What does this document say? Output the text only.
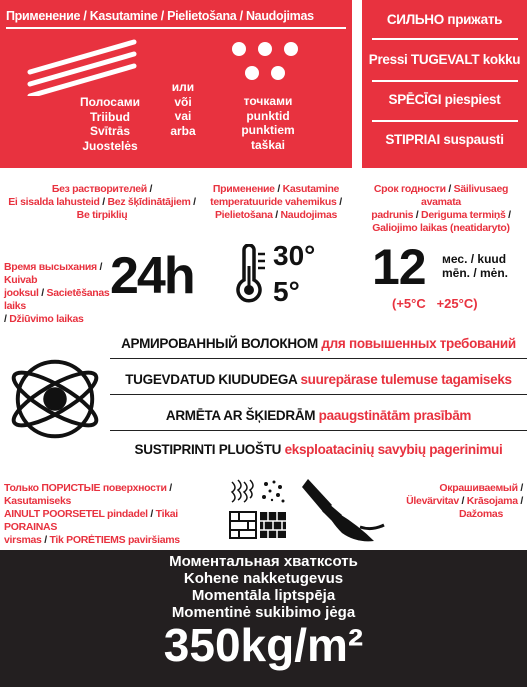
Применение / Kasutamine / Pielietošana / Naudojimas
Полосами
Triibud
Svītrās
Juostelės
или
või
vai
arba
точками
punktid
punktiem
taškai
СИЛЬНО прижать
Pressi TUGEVALT kokku
SPĒCĪGI piespiest
STIPRIAI suspausti
Без растворителей /
Ei sisalda lahusteid / Bez šķīdinātājiem /
Be tirpiklių
Время высыхания / Kuivab
jooksul / Sacietēšanas laiks
/ Džiūvimo laikas
24h
Применение / Kasutamine
temperatuuride vahemikus /
Pielietošana / Naudojimas
30°
5°
Срок годности / Säilivusaeg avamata
padrunis / Deriguma termiņš /
Galiojimo laikas (neatidaryto)
12 мес. / kuud
mēn. / mėn.
(+5°C   +25°C)
АРМИРОВАННЫЙ ВОЛОКНОМ для повышенных требований
TUGEVDATUD KIUDUDEGA suurepärase tulemuse tagamiseks
ARMĒTA AR ŠĶIEDRĀM paaugstinātām prasībām
SUSTIPRINTI PLUOŠTU eksploatacinių savybių pagerinimui
Только ПОРИСТЫЕ поверхности / Kasutamiseks
AINULT POORSETEL pindadel / Tikai PORAINAS
virsmas / Tik PORĖTIEMS paviršiams
Окрашиваемый /
Ülevärvitav / Krāsojama /
Dažomas
Моментальная хватксоть
Kohene nakketugevus
Momentāla liptspēja
Momentinė sukibimo jėga
350kg/m²
